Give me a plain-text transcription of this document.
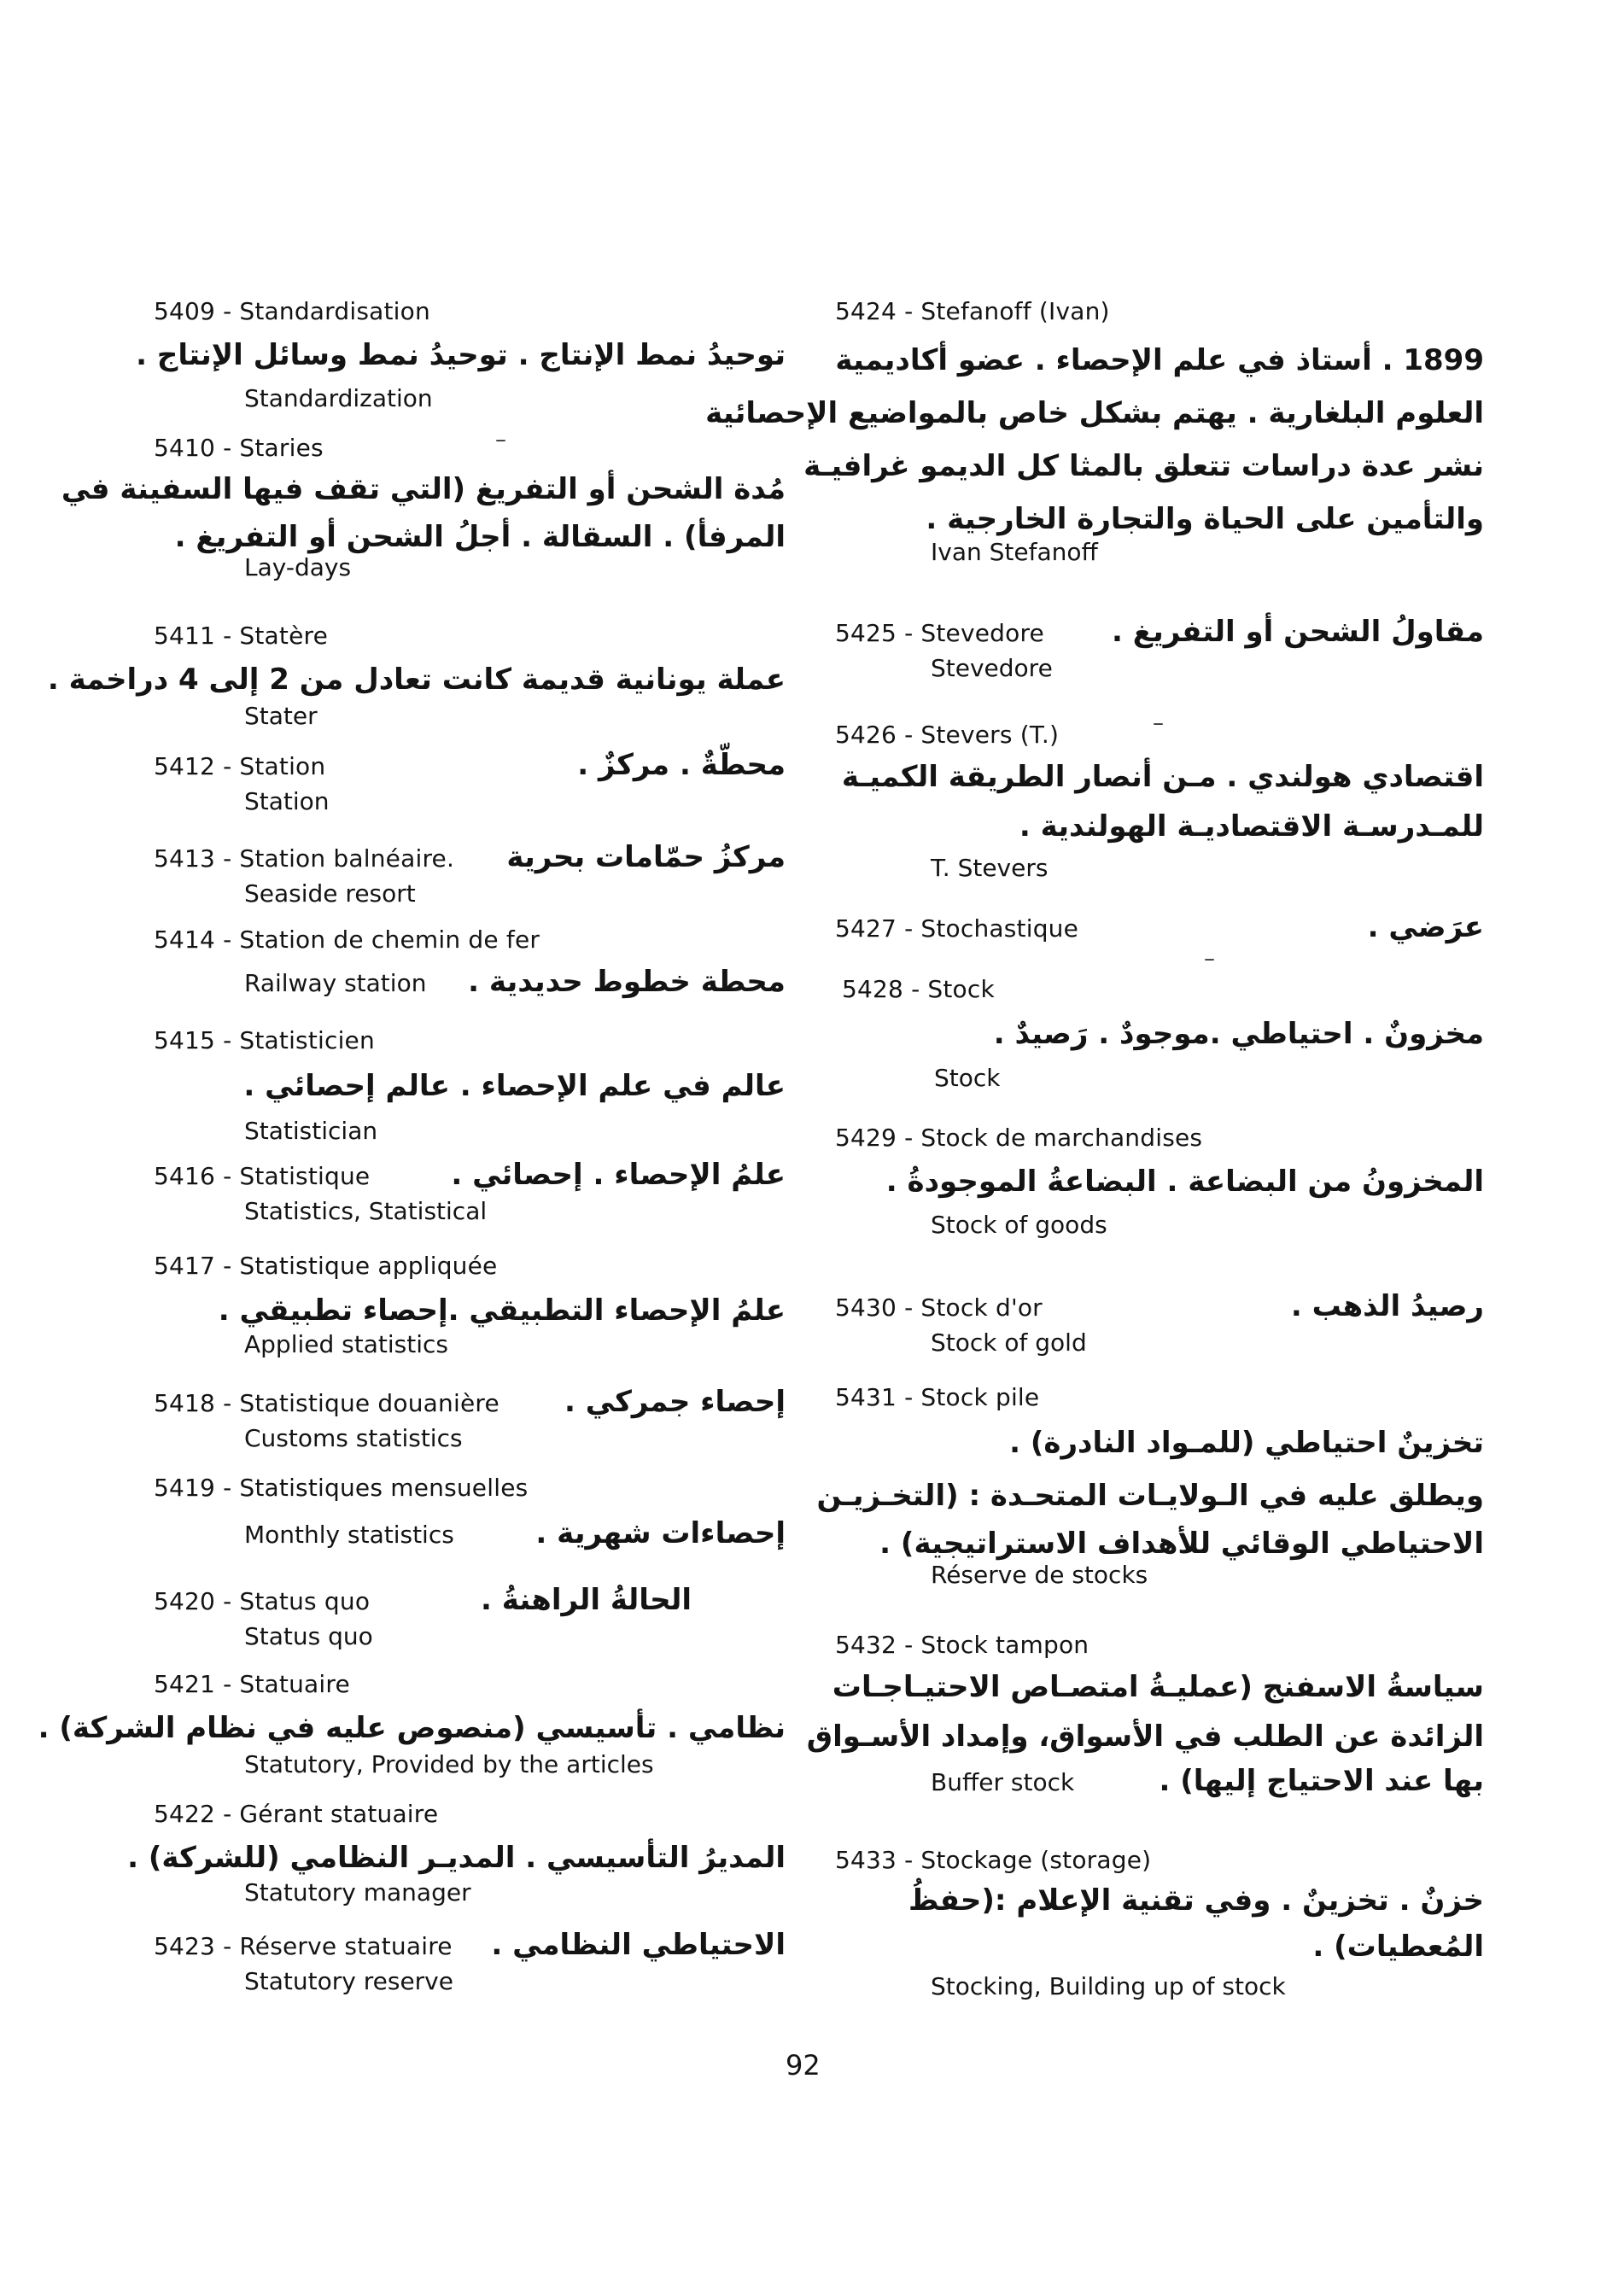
5409 - Standardisation
توحيدُ نمط الإنتاج . توحيدُ نمط وسائل الإنتاج .
Standardization
5410 - Staries
مُدة الشحن أو التفريغ (التي تقف فيها السفينة في
المرفأ) . السقالة . أجلُ الشحن أو التفريغ .
Lay-days
5411 - Statère
عملة يونانية قديمة كانت تعادل من 2 إلى 4 دراخمة .
Stater
5412 - Station	محطّةٌ . مركزٌ .
Station
5413 - Station balnéaire. مركزُ حمّامات بحرية
Seaside resort
5414 - Station de chemin de fer
Railway station محطة خطوط حديدية .
5415 - Statisticien
عالم في علم الإحصاء . عالم إحصائي .
Statistician
5416 - Statistique	علمُ الإحصاء . إحصائي .
Statistics, Statistical
5417 - Statistique appliquée
علمُ الإحصاء التطبيقي .إحصاء تطبيقي .
Applied statistics
5418 - Statistique douanière إحصاء جمركي .
Customs statistics
5419 - Statistiques mensuelles
Monthly statistics	إحصاءات شهرية .
5420 - Status quo	الحالةُ الراهنةُ .
Status quo
5421 - Statuaire
نظامي . تأسيسي (منصوص عليه في نظام الشركة) .
Statutory, Provided by the articles
5422 - Gérant statuaire
المديرُ التأسيسي . المديـر النظامي (للشركة) .
Statutory manager
5423 - Réserve statuaire الاحتياطي النظامي .
Statutory reserve
5424 - Stefanoff (Ivan)
1899 . أستاذ في علم الإحصاء . عضو أكاديمية
العلوم البلغارية . يهتم بشكل خاص بالمواضيع الإحصائية
نشر عدة دراسات تتعلق بالمثا كل الديمو غرافيـة
والتأمين على الحياة والتجارة الخارجية .
Ivan Stefanoff
5425 - Stevedore مقاولُ الشحن أو التفريغ .
Stevedore
5426 - Stevers (T.)
اقتصادي هولندي . مـن أنصار الطريقة الكميـة
للمـدرسـة الاقتصاديـة الهولندية .
T. Stevers
5427 - Stochastique	عرَضي .
5428 - Stock
مخزونٌ . احتياطي .موجودٌ . رَصيدٌ .
Stock
5429 - Stock de marchandises
المخزونُ من البضاعة . البضاعةُ الموجودةُ .
Stock of goods
5430 - Stock d'or	رصيدُ الذهب .
Stock of gold
5431 - Stock pile
تخزينٌ احتياطي (للمـواد النادرة) .
ويطلق عليه في الـولايـات المتحـدة : (التخـزيـن
الاحتياطي الوقائي للأهداف الاستراتيجية) .
Réserve de stocks
5432 - Stock tampon
سياسةُ الاسفنج (عمليـةُ امتصـاص الاحتيـاجـات
الزائدة عن الطلب في الأسواق، وإمداد الأسـواق
Buffer stock	بها عند الاحتياج إليها) .
5433 - Stockage (storage)
خزنٌ . تخزينٌ . وفي تقنية الإعلام :(حفظُ
المُعطيات) .
Stocking, Building up of stock
–
–
–
92
